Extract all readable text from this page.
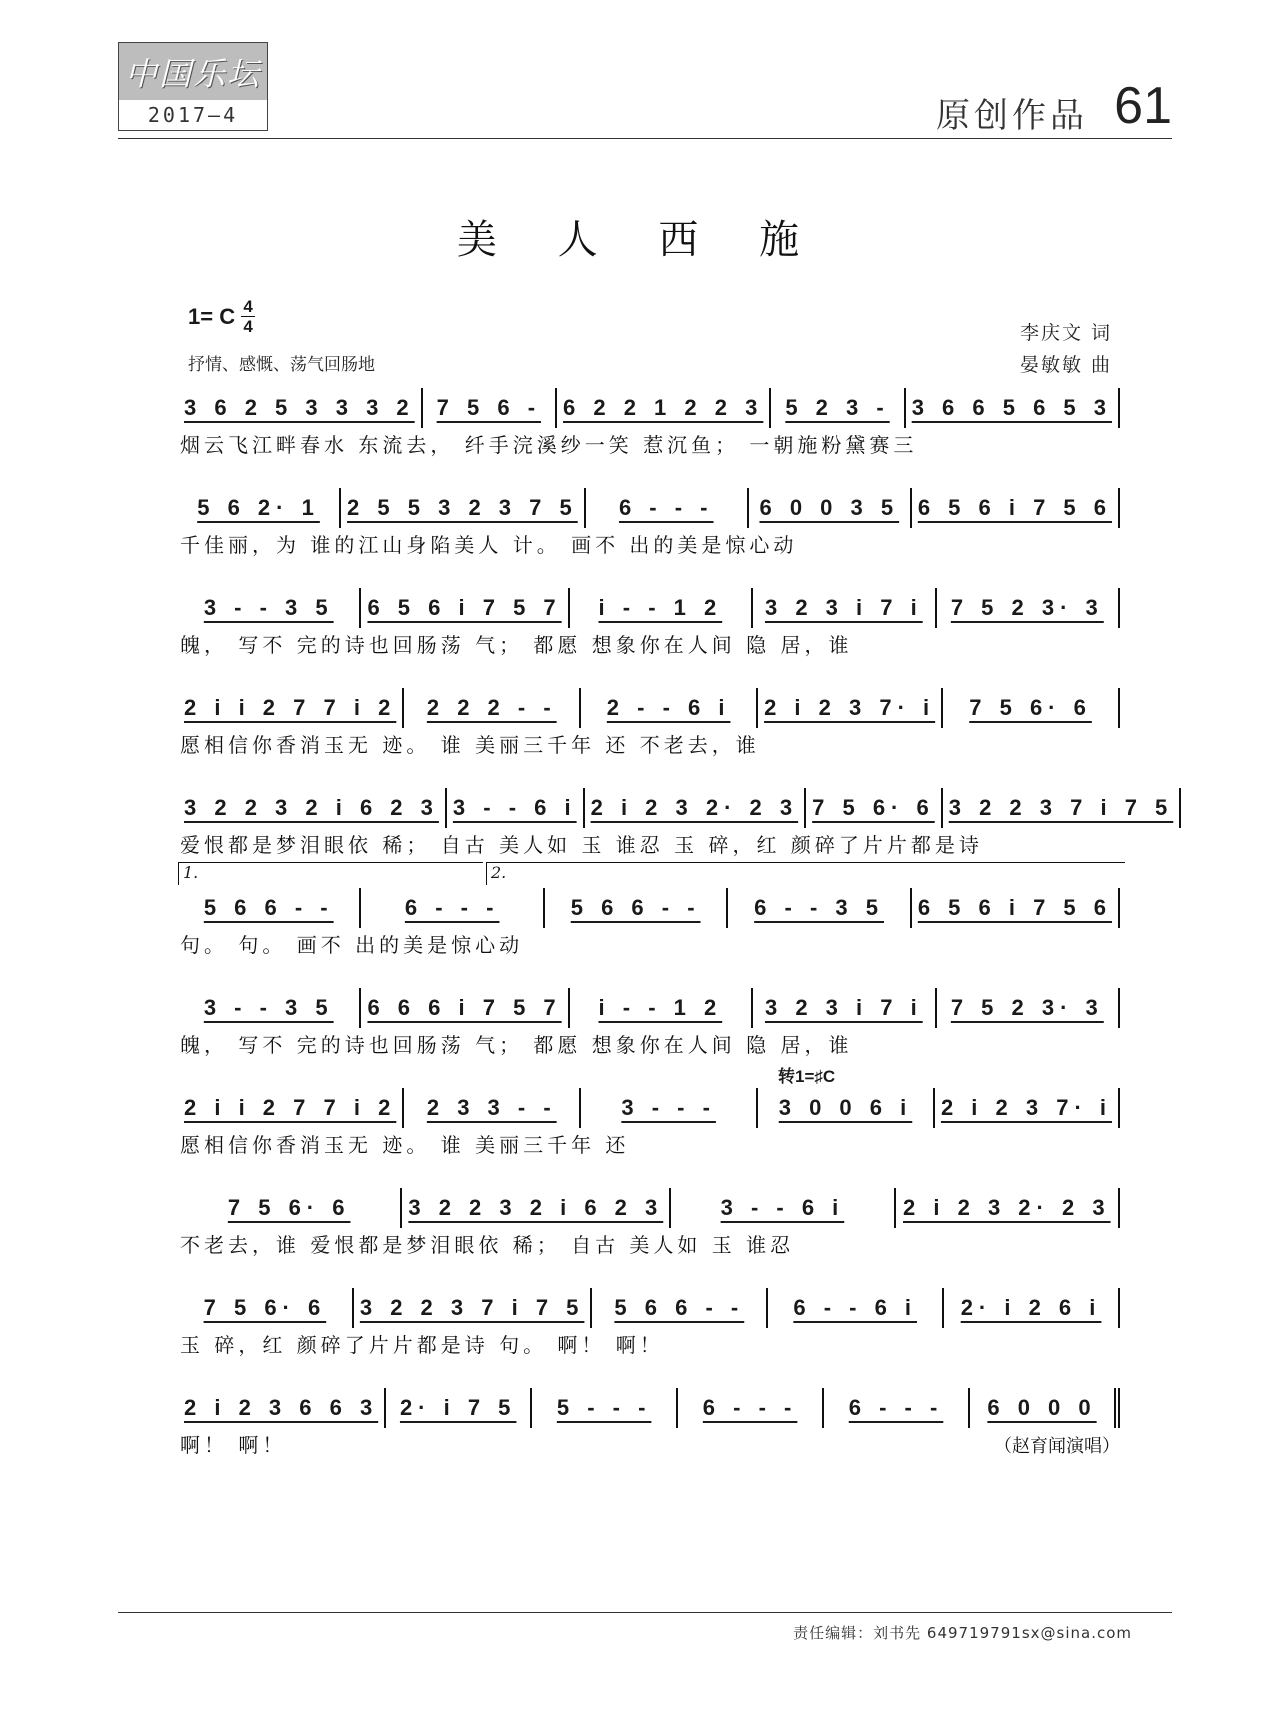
中国乐坛
2017—4	原创作品 61
美 人 西 施
1= C 4
4
抒情、感慨、荡气回肠地
李庆文 词
晏敏敏 曲
3 6 2 5 3 3 3 2 7 5 6 - 6 2 2 1 2 2 3 5 2 3 - 3 6 6 5 6 5 3
烟云飞江畔春水 东流去， 纤手浣溪纱一笑 惹沉鱼； 一朝施粉黛赛三
5 6 2· 1 2 5 5 3 2 3 7 5 6 - - - 6 0 0 3 5 6 5 6 i 7 5 6
千佳丽，为 谁的江山身陷美人 计。 画不 出的美是惊心动
3 - - 3 5 6 5 6 i 7 5 7 i - - 1 2 3 2 3 i 7 i 7 5 2 3· 3
魄， 写不 完的诗也回肠荡 气； 都愿 想象你在人间 隐 居，谁
2 i i 2 7 7 i 2 2 2 2 - - 2 - - 6 i 2 i 2 3 7· i 7 5 6· 6
愿相信你香消玉无 迹。 谁 美丽三千年 还 不老去，谁
3 2 2 3 2 i 6 2 3 3 - - 6 i 2 i 2 3 2· 2 3 7 5 6· 6 3 2 2 3 7 i 7 5
爱恨都是梦泪眼依 稀； 自古 美人如 玉 谁忍 玉 碎，红 颜碎了片片都是诗
1.	2.
5 6 6 - -	6 - - -	5 6 6 - - 6 - - 3 5 6 5 6 i 7 5 6
句。 句。 画不 出的美是惊心动
3 - - 3 5 6 6 6 i 7 5 7 i - - 1 2 3 2 3 i 7 i 7 5 2 3· 3
魄， 写不 完的诗也回肠荡 气； 都愿 想象你在人间 隐 居，谁
转1=♯C
2 i i 2 7 7 i 2 2 3 3 - -	3 - - -	3 0 0 6 i 2 i 2 3 7· i
愿相信你香消玉无 迹。 谁 美丽三千年 还
7 5 6· 6	3 2 2 3 2 i 6 2 3	3 - - 6 i	2 i 2 3 2· 2 3
不老去，谁 爱恨都是梦泪眼依 稀； 自古 美人如 玉 谁忍
7 5 6· 6 3 2 2 3 7 i 7 5 5 6 6 - - 6 - - 6 i 2· i 2 6 i
玉 碎，红 颜碎了片片都是诗 句。 啊！ 啊！
2 i 2 3 6 6 3 2· i 7 5 5 - - - 6 - - - 6 - - - 6 0 0 0
啊！ 啊！	（赵育闻演唱）
责任编辑：刘书先 649719791sx@sina.com
